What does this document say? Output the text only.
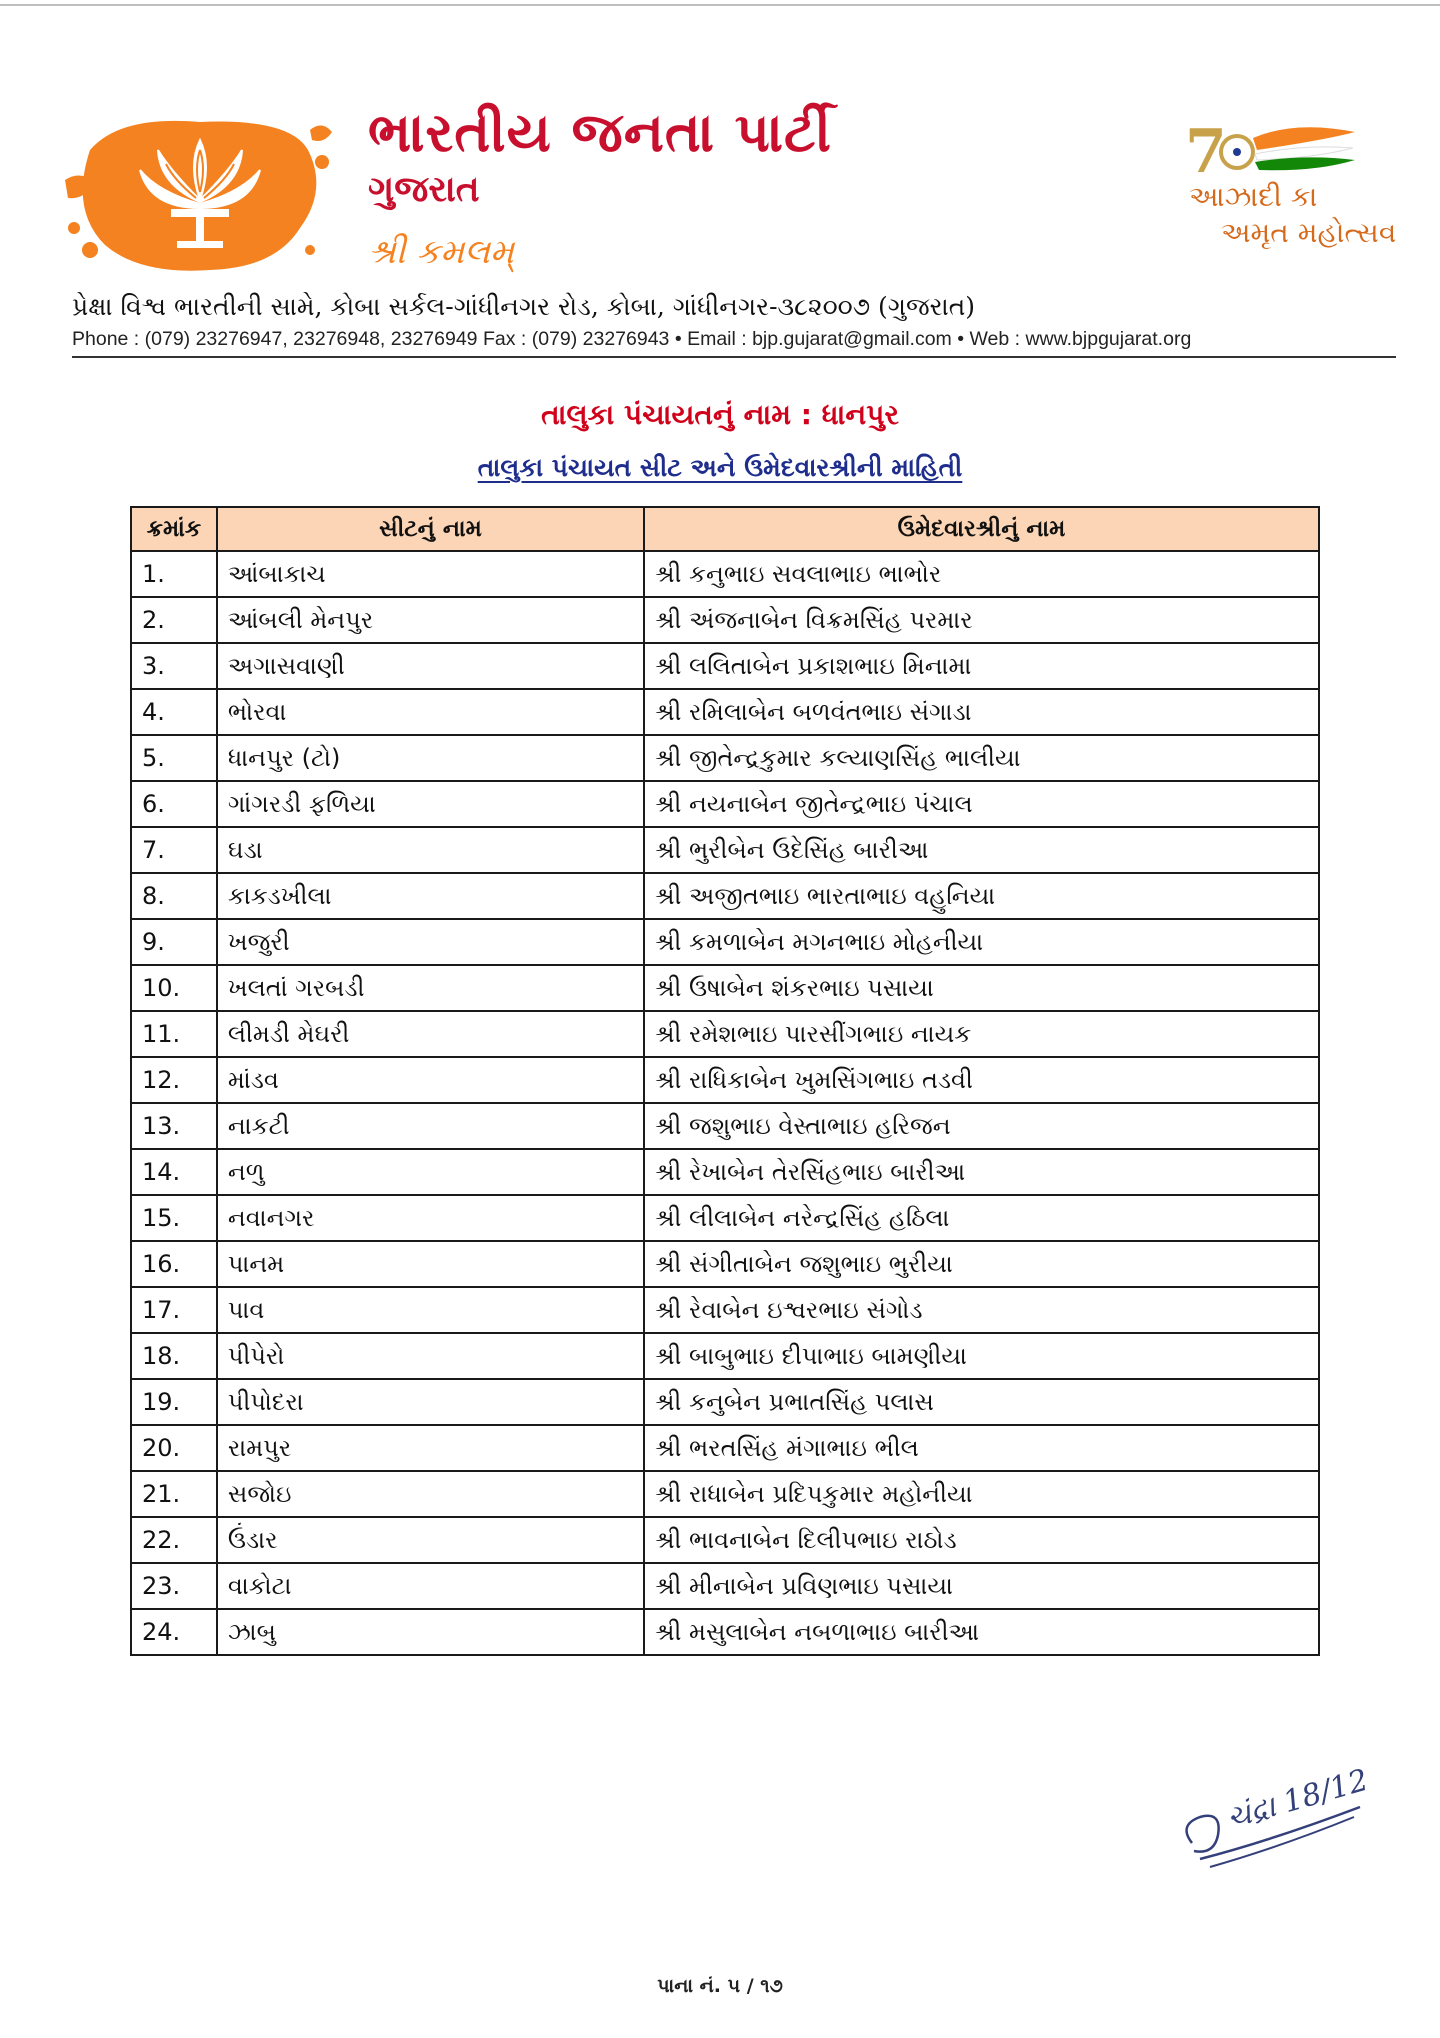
ભારતીય જનતા પાર્ટી
ગુજરાત
શ્રી કમલમ્
7
આઝાદી કા
અમૃત મહોત્સવ
પ્રેક્ષા વિશ્વ ભારતીની સામે, કોબા સર્કલ-ગાંધીનગર રોડ, કોબા, ગાંધીનગર-૩૮૨૦૦૭ (ગુજરાત)
Phone : (079) 23276947, 23276948, 23276949 Fax : (079) 23276943 • Email : bjp.gujarat@gmail.com • Web : www.bjpgujarat.org
તાલુકા પંચાયતનું નામ : ધાનપુર
તાલુકા પંચાયત સીટ અને ઉમેદવારશ્રીની માહિતી
ક્રમાંક	સીટનું નામ	ઉમેદવારશ્રીનું નામ
1.	આંબાકાચ	શ્રી કનુભાઇ સવલાભાઇ ભાભોર
2.	આંબલી મેનપુર	શ્રી અંજનાબેન વિક્રમસિંહ પરમાર
3.	અગાસવાણી	શ્રી લલિતાબેન પ્રકાશભાઇ મિનામા
4.	ભોરવા	શ્રી રમિલાબેન બળવંતભાઇ સંગાડા
5.	ધાનપુર (ટો)	શ્રી જીતેન્દ્રકુમાર કલ્યાણસિંહ ભાલીયા
6.	ગાંગરડી ફળિયા	શ્રી નયનાબેન જીતેન્દ્રભાઇ પંચાલ
7.	ઘડા	શ્રી ભુરીબેન ઉદેસિંહ બારીઆ
8.	કાકડખીલા	શ્રી અજીતભાઇ ભારતાભાઇ વહુનિયા
9.	ખજુરી	શ્રી કમળાબેન મગનભાઇ મોહનીયા
10.	ખલતાં ગરબડી	શ્રી ઉષાબેન શંકરભાઇ પસાયા
11.	લીમડી મેઘરી	શ્રી રમેશભાઇ પારસીંગભાઇ નાયક
12.	માંડવ	શ્રી રાધિકાબેન ખુમસિંગભાઇ તડવી
13.	નાકટી	શ્રી જશુભાઇ વેસ્તાભાઇ હરિજન
14.	નળુ	શ્રી રેખાબેન તેરસિંહભાઇ બારીઆ
15.	નવાનગર	શ્રી લીલાબેન નરેન્દ્રસિંહ હઠિલા
16.	પાનમ	શ્રી સંગીતાબેન જશુભાઇ ભુરીયા
17.	પાવ	શ્રી રેવાબેન ઇશ્વરભાઇ સંગોડ
18.	પીપેરો	શ્રી બાબુભાઇ દીપાભાઇ બામણીયા
19.	પીપોદરા	શ્રી કનુબેન પ્રભાતસિંહ પલાસ
20.	રામપુર	શ્રી ભરતસિંહ મંગાભાઇ ભીલ
21.	સજોઇ	શ્રી રાધાબેન પ્રદિપકુમાર મહોનીયા
22.	ઉંડાર	શ્રી ભાવનાબેન દિલીપભાઇ રાઠોડ
23.	વાકોટા	શ્રી મીનાબેન પ્રવિણભાઇ પસાયા
24.	ઝાબુ	શ્રી મસુલાબેન નબળાભાઇ બારીઆ
ચંદ્રા 18/12
પાના નં. ૫ / ૧૭
